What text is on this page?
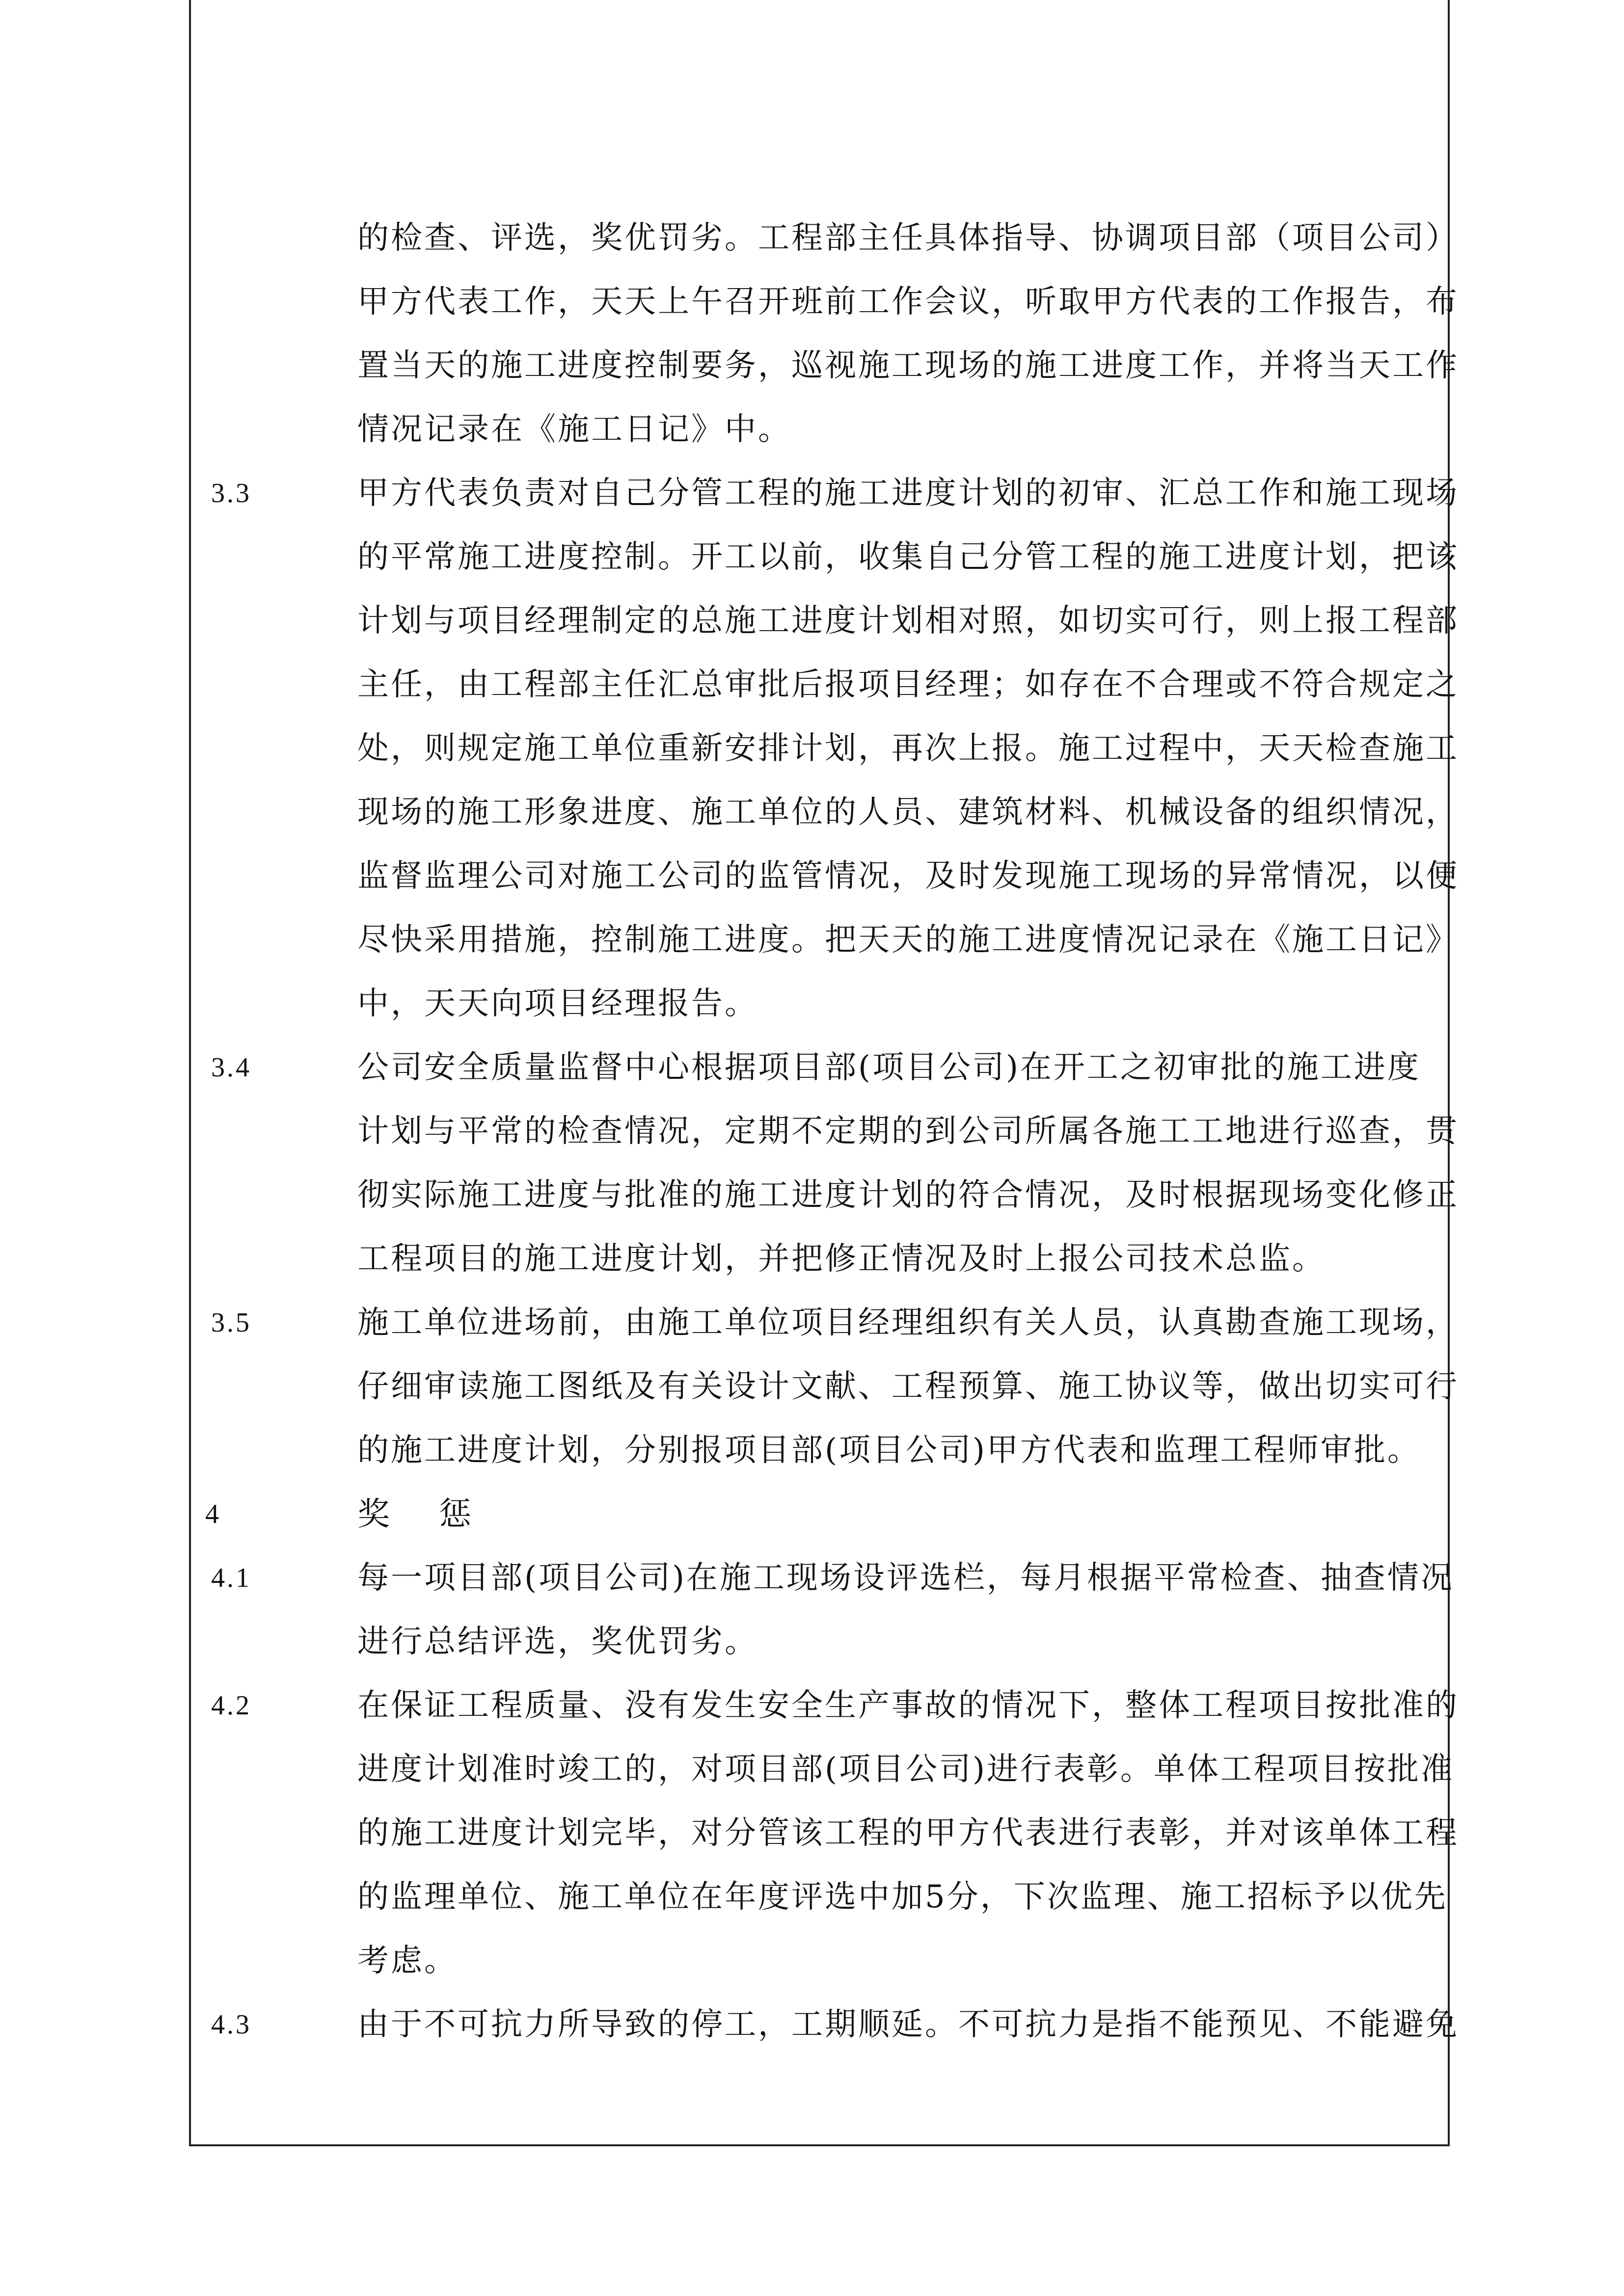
的检查、评选，奖优罚劣。工程部主任具体指导、协调项目部（项目公司）
甲方代表工作，天天上午召开班前工作会议，听取甲方代表的工作报告，布
置当天的施工进度控制要务，巡视施工现场的施工进度工作，并将当天工作
情况记录在《施工日记》中。
3.3	甲方代表负责对自己分管工程的施工进度计划的初审、汇总工作和施工现场
的平常施工进度控制。开工以前，收集自己分管工程的施工进度计划，把该
计划与项目经理制定的总施工进度计划相对照，如切实可行，则上报工程部
主任，由工程部主任汇总审批后报项目经理；如存在不合理或不符合规定之
处，则规定施工单位重新安排计划，再次上报。施工过程中，天天检查施工
现场的施工形象进度、施工单位的人员、建筑材料、机械设备的组织情况，
监督监理公司对施工公司的监管情况，及时发现施工现场的异常情况，以便
尽快采用措施，控制施工进度。把天天的施工进度情况记录在《施工日记》
中，天天向项目经理报告。
3.4	公司安全质量监督中心根据项目部(项目公司)在开工之初审批的施工进度
计划与平常的检查情况，定期不定期的到公司所属各施工工地进行巡查，贯
彻实际施工进度与批准的施工进度计划的符合情况，及时根据现场变化修正
工程项目的施工进度计划，并把修正情况及时上报公司技术总监。
3.5	施工单位进场前，由施工单位项目经理组织有关人员，认真勘查施工现场，
仔细审读施工图纸及有关设计文献、工程预算、施工协议等，做出切实可行
的施工进度计划，分别报项目部(项目公司)甲方代表和监理工程师审批。
4	奖惩
4.1	每一项目部(项目公司)在施工现场设评选栏，每月根据平常检查、抽查情况
进行总结评选，奖优罚劣。
4.2	在保证工程质量、没有发生安全生产事故的情况下，整体工程项目按批准的
进度计划准时竣工的，对项目部(项目公司)进行表彰。单体工程项目按批准
的施工进度计划完毕，对分管该工程的甲方代表进行表彰，并对该单体工程
的监理单位、施工单位在年度评选中加5分，下次监理、施工招标予以优先
考虑。
4.3	由于不可抗力所导致的停工，工期顺延。不可抗力是指不能预见、不能避免
